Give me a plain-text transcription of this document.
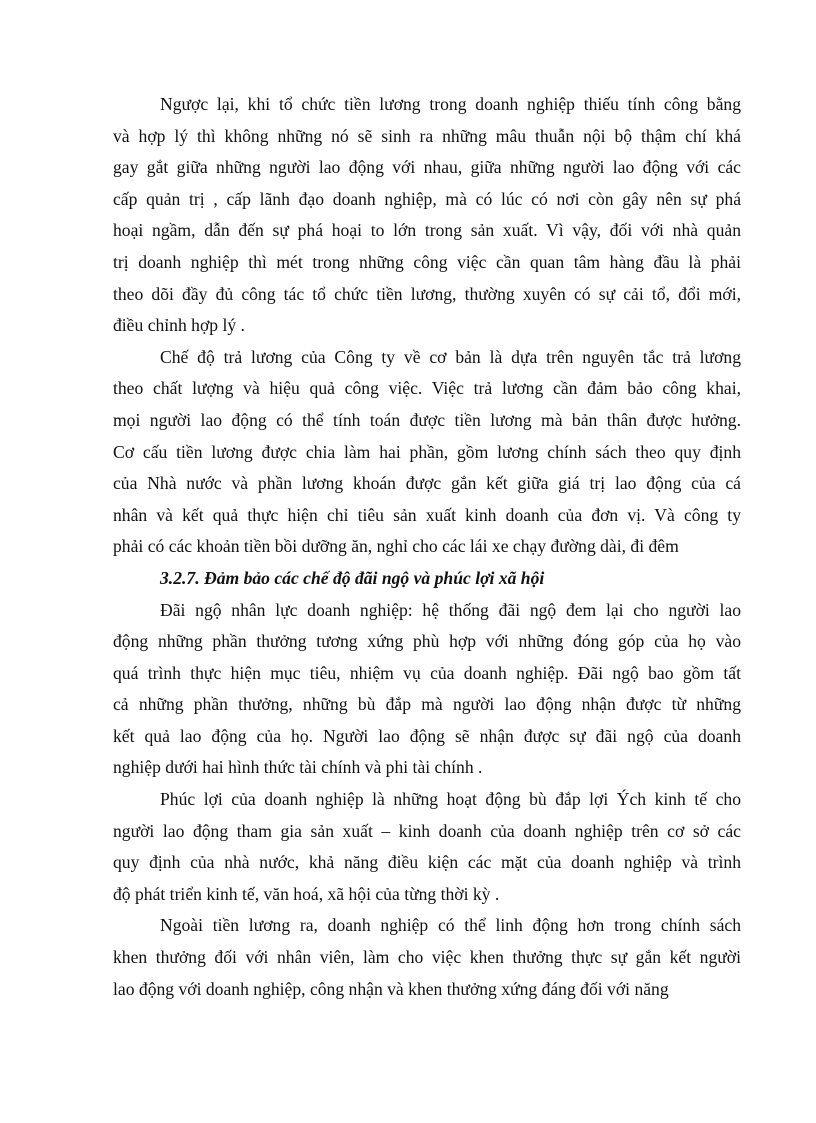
Ngược lại, khi tổ chức tiền lương trong doanh nghiệp thiếu tính công bằng
và hợp lý thì không những nó sẽ sinh ra những mâu thuẫn nội bộ thậm chí khá
gay gắt giữa những người lao động với nhau, giữa những người lao động với các
cấp quản trị , cấp lãnh đạo doanh nghiệp, mà có lúc có nơi còn gây nên sự phá
hoại ngầm, dẫn đến sự phá hoại to lớn trong sản xuất. Vì vậy, đối với nhà quản
trị doanh nghiệp thì mét trong những công việc cần quan tâm hàng đầu là phải
theo dõi đầy đủ công tác tổ chức tiền lương, thường xuyên có sự cải tổ, đổi mới,
điều chỉnh hợp lý .
Chế độ trả lương của Công ty về cơ bản là dựa trên nguyên tắc trả lương
theo chất lượng và hiệu quả công việc. Việc trả lương cần đảm bảo công khai,
mọi người lao động có thể tính toán được tiền lương mà bản thân được hưởng.
Cơ cấu tiền lương được chia làm hai phần, gồm lương chính sách theo quy định
của Nhà nước và phần lương khoán được gắn kết giữa giá trị lao động của cá
nhân và kết quả thực hiện chỉ tiêu sản xuất kinh doanh của đơn vị. Và công ty
phải có các khoản tiền bồi dưỡng ăn, nghỉ cho các lái xe chạy đường dài, đi đêm
3.2.7. Đảm bảo các chế độ đãi ngộ và phúc lợi xã hội
Đãi ngộ nhân lực doanh nghiệp: hệ thống đãi ngộ đem lại cho người lao
động những phần thưởng tương xứng phù hợp với những đóng góp của họ vào
quá trình thực hiện mục tiêu, nhiệm vụ của doanh nghiệp. Đãi ngộ bao gồm tất
cả những phần thưởng, những bù đắp mà người lao động nhận được từ những
kết quả lao động của họ. Người lao động sẽ nhận được sự đãi ngộ của doanh
nghiệp dưới hai hình thức tài chính và phi tài chính .
Phúc lợi của doanh nghiệp là những hoạt động bù đắp lợi Ých kinh tế cho
người lao động tham gia sản xuất – kinh doanh của doanh nghiệp trên cơ sở các
quy định của nhà nước, khả năng điều kiện các mặt của doanh nghiệp và trình
độ phát triển kinh tế, văn hoá, xã hội của từng thời kỳ .
Ngoài tiền lương ra, doanh nghiệp có thể linh động hơn trong chính sách
khen thưởng đối với nhân viên, làm cho việc khen thưởng thực sự gắn kết người
lao động với doanh nghiệp, công nhận và khen thưởng xứng đáng đối với năng
